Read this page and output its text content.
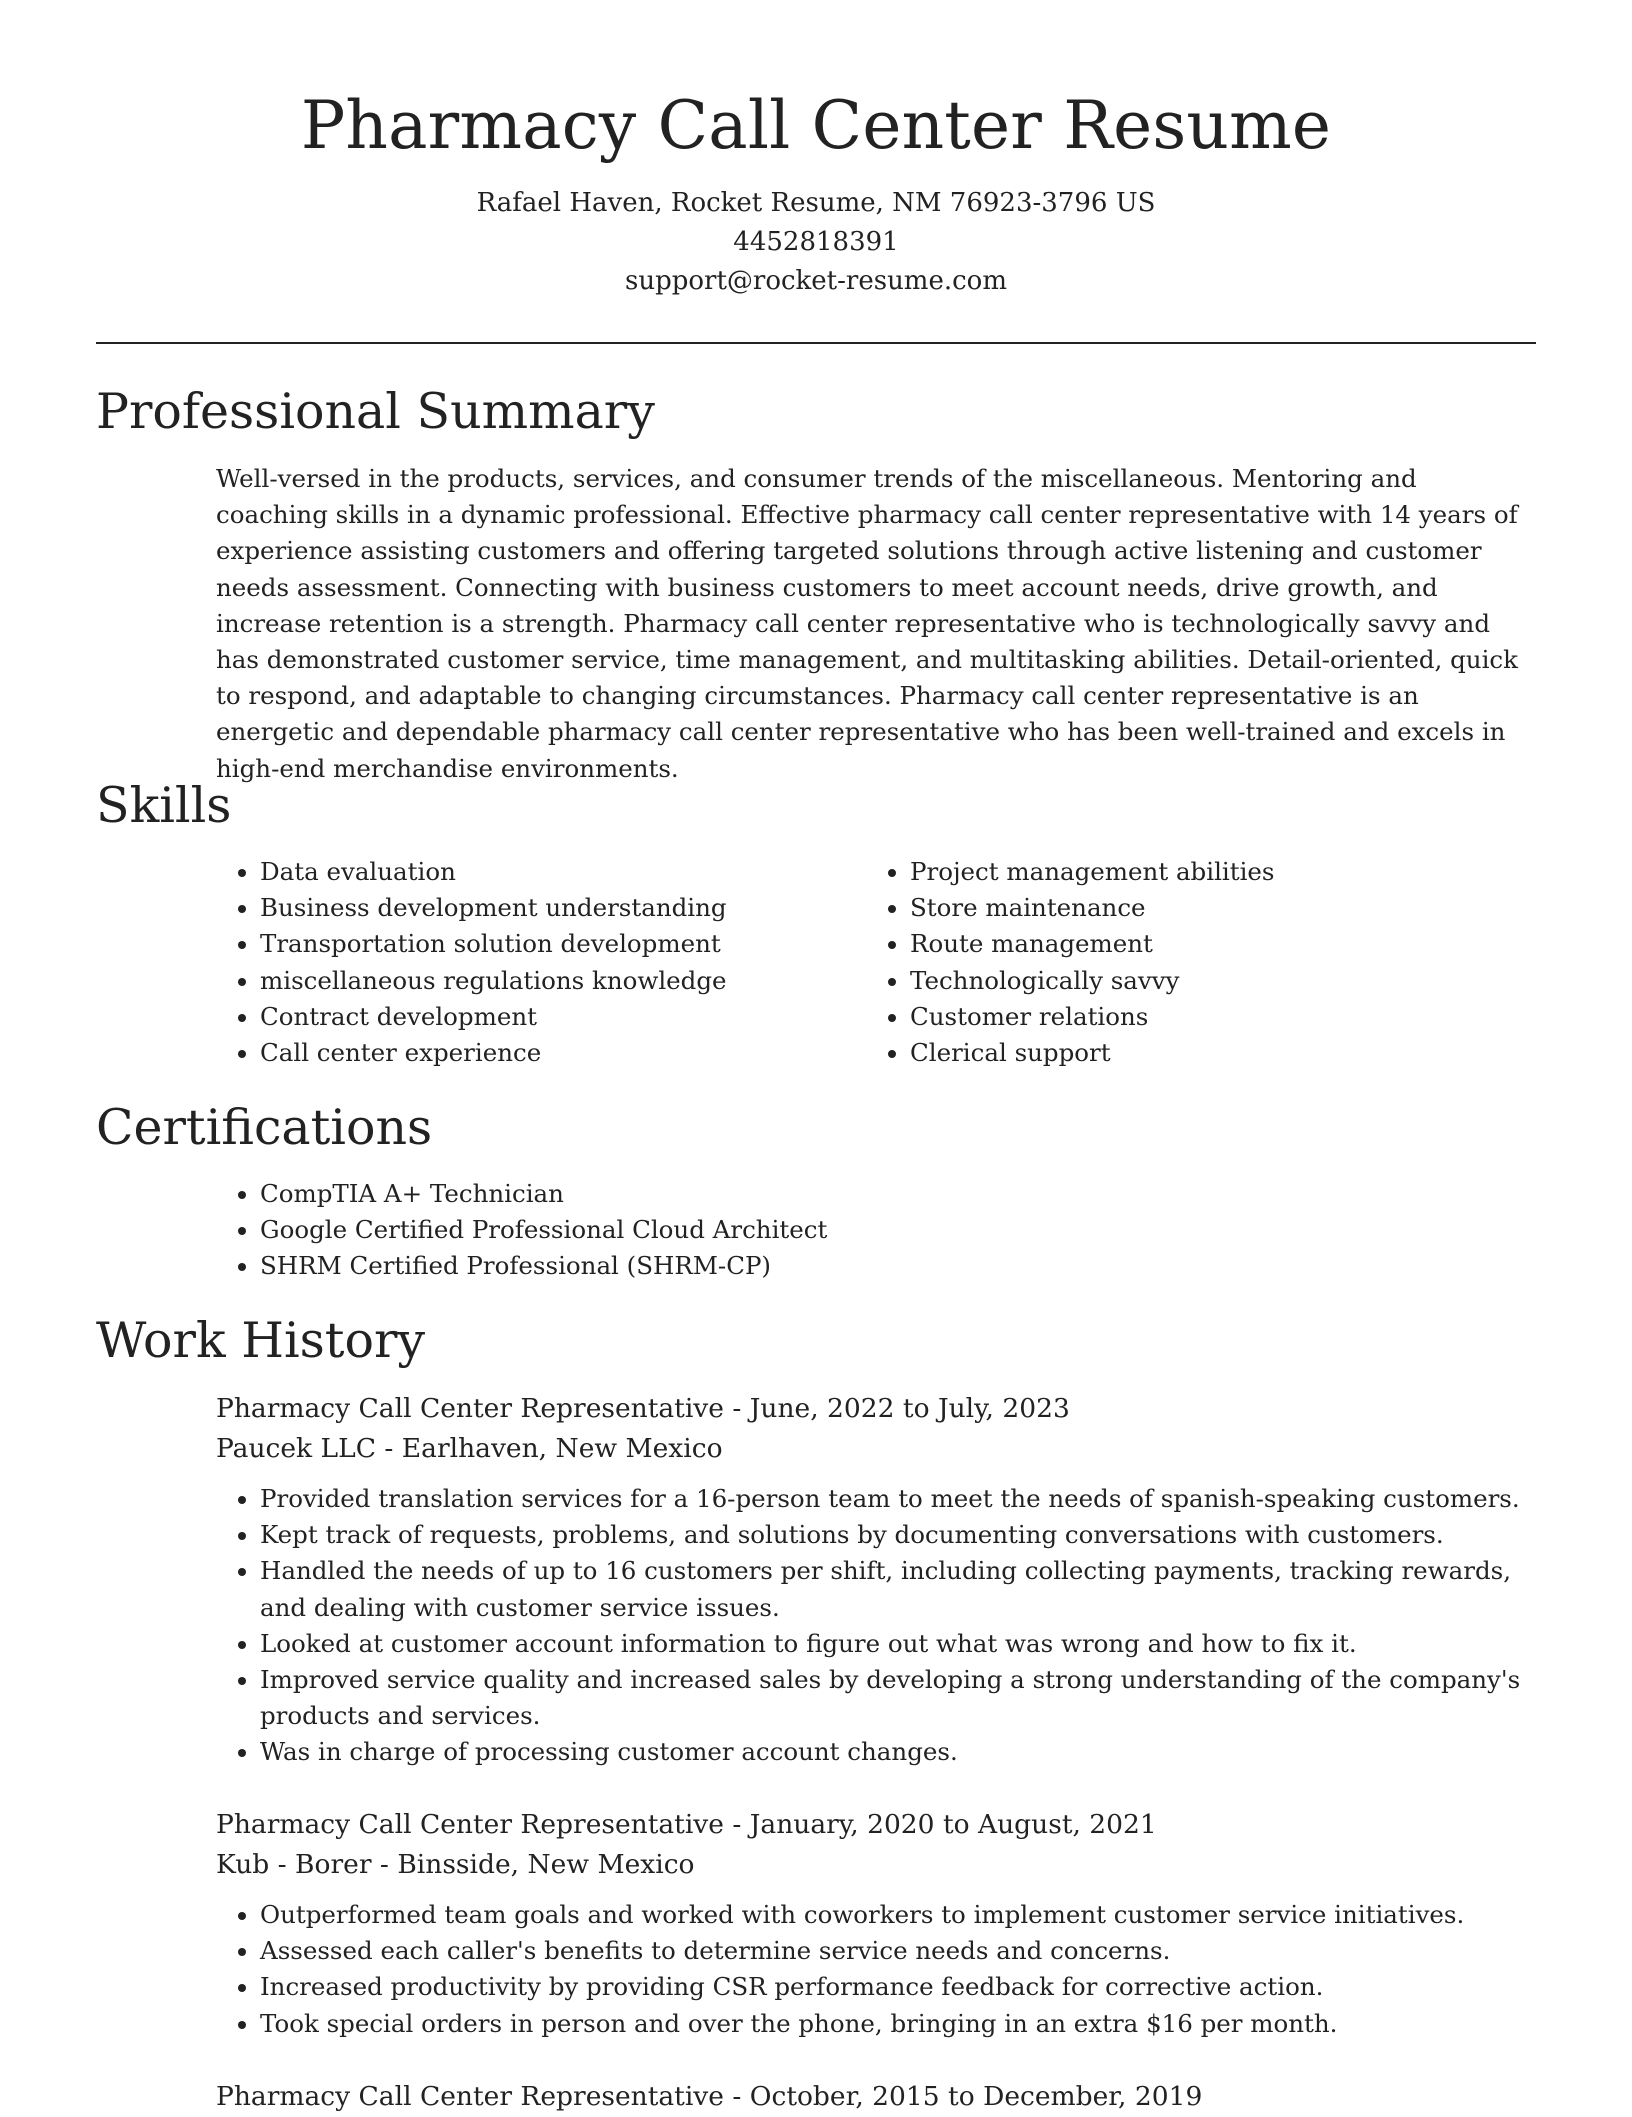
Pharmacy Call Center Resume

Rafael Haven, Rocket Resume, NM 76923-3796 US

4452818391

support@rocket-resume.com

Professional Summary

Well-versed in the products, services, and consumer trends of the miscellaneous. Mentoring and coaching skills in a dynamic professional. Effective pharmacy call center representative with 14 years of experience assisting customers and offering targeted solutions through active listening and customer needs assessment. Connecting with business customers to meet account needs, drive growth, and increase retention is a strength. Pharmacy call center representative who is technologically savvy and has demonstrated customer service, time management, and multitasking abilities. Detail-oriented, quick to respond, and adaptable to changing circumstances. Pharmacy call center representative is an energetic and dependable pharmacy call center representative who has been well-trained and excels in high-end merchandise environments.

Skills
• Data evaluation
• Business development understanding
• Transportation solution development
• miscellaneous regulations knowledge
• Contract development
• Call center experience
• Project management abilities
• Store maintenance
• Route management
• Technologically savvy
• Customer relations
• Clerical support
Certifications
• CompTIA A+ Technician
• Google Certified Professional Cloud Architect
• SHRM Certified Professional (SHRM-CP)
Work History

Pharmacy Call Center Representative - June, 2022 to July, 2023

Paucek LLC - Earlhaven, New Mexico

• Provided translation services for a 16-person team to meet the needs of spanish-speaking customers.
• Kept track of requests, problems, and solutions by documenting conversations with customers.
• Handled the needs of up to 16 customers per shift, including collecting payments, tracking rewards, and dealing with customer service issues.
• Looked at customer account information to figure out what was wrong and how to fix it.
• Improved service quality and increased sales by developing a strong understanding of the company's products and services.
• Was in charge of processing customer account changes.

Pharmacy Call Center Representative - January, 2020 to August, 2021

Kub - Borer - Binsside, New Mexico

• Outperformed team goals and worked with coworkers to implement customer service initiatives.
• Assessed each caller's benefits to determine service needs and concerns.
• Increased productivity by providing CSR performance feedback for corrective action.
• Took special orders in person and over the phone, bringing in an extra $16 per month.

Pharmacy Call Center Representative - October, 2015 to December, 2019
